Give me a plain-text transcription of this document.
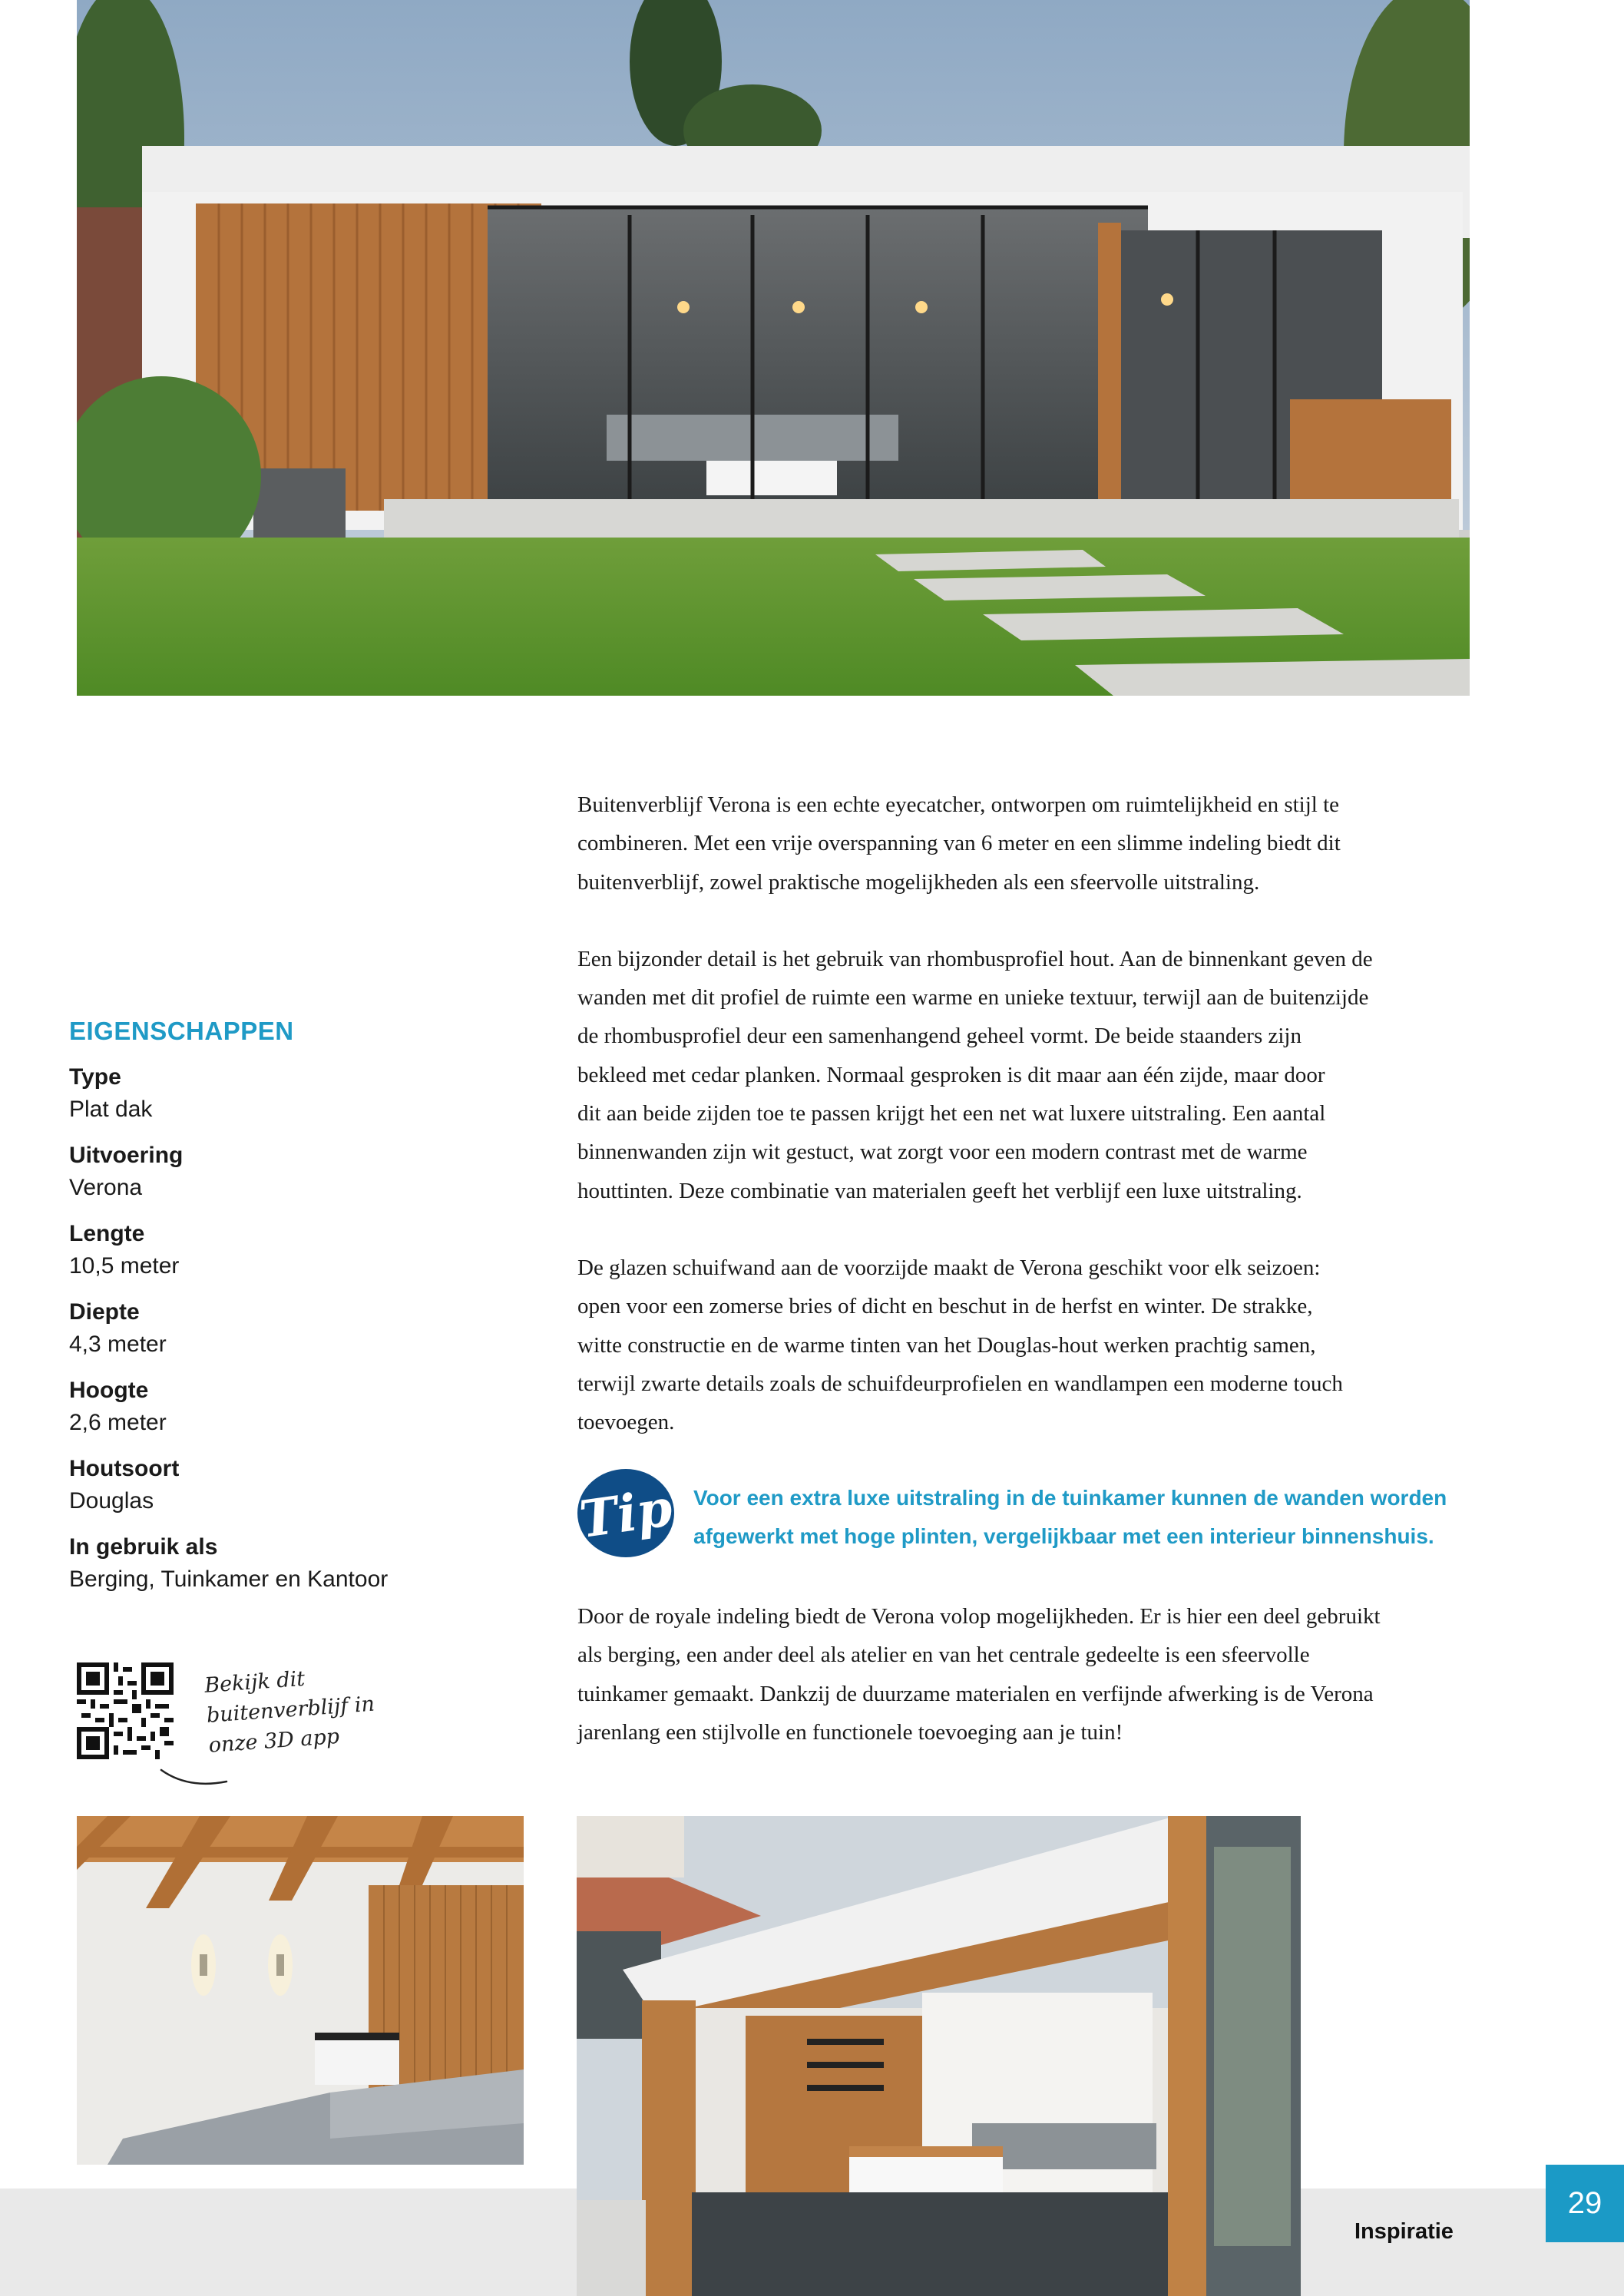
Buitenverblijf Verona is een echte eyecatcher, ontworpen om ruimtelijkheid en stijl te
combineren. Met een vrije overspanning van 6 meter en een slimme indeling biedt dit
buitenverblijf, zowel praktische mogelijkheden als een sfeervolle uitstraling.

Een bijzonder detail is het gebruik van rhombusprofiel hout. Aan de binnenkant geven de
wanden met dit profiel de ruimte een warme en unieke textuur, terwijl aan de buitenzijde
de rhombusprofiel deur een samenhangend geheel vormt. De beide staanders zijn
bekleed met cedar planken. Normaal gesproken is dit maar aan één zijde, maar door
dit aan beide zijden toe te passen krijgt het een net wat luxere uitstraling. Een aantal
binnenwanden zijn wit gestuct, wat zorgt voor een modern contrast met de warme
houttinten. Deze combinatie van materialen geeft het verblijf een luxe uitstraling.

De glazen schuifwand aan de voorzijde maakt de Verona geschikt voor elk seizoen:
open voor een zomerse bries of dicht en beschut in de herfst en winter. De strakke,
witte constructie en de warme tinten van het Douglas-hout werken prachtig samen,
terwijl zwarte details zoals de schuifdeurprofielen en wandlampen een moderne touch
toevoegen.

Tip Voor een extra luxe uitstraling in de tuinkamer kunnen de wanden worden
afgewerkt met hoge plinten, vergelijkbaar met een interieur binnenshuis.
Door de royale indeling biedt de Verona volop mogelijkheden. Er is hier een deel gebruikt
als berging, een ander deel als atelier en van het centrale gedeelte is een sfeervolle
tuinkamer gemaakt. Dankzij de duurzame materialen en verfijnde afwerking is de Verona
jarenlang een stijlvolle en functionele toevoeging aan je tuin!
EIGENSCHAPPEN
Type
Plat dak
Uitvoering
Verona
Lengte
10,5 meter
Diepte
4,3 meter
Hoogte
2,6 meter
Houtsoort
Douglas
In gebruik als
Berging, Tuinkamer en Kantoor
Bekijk dit
buitenverblijf in
onze 3D app
Inspiratie
29
